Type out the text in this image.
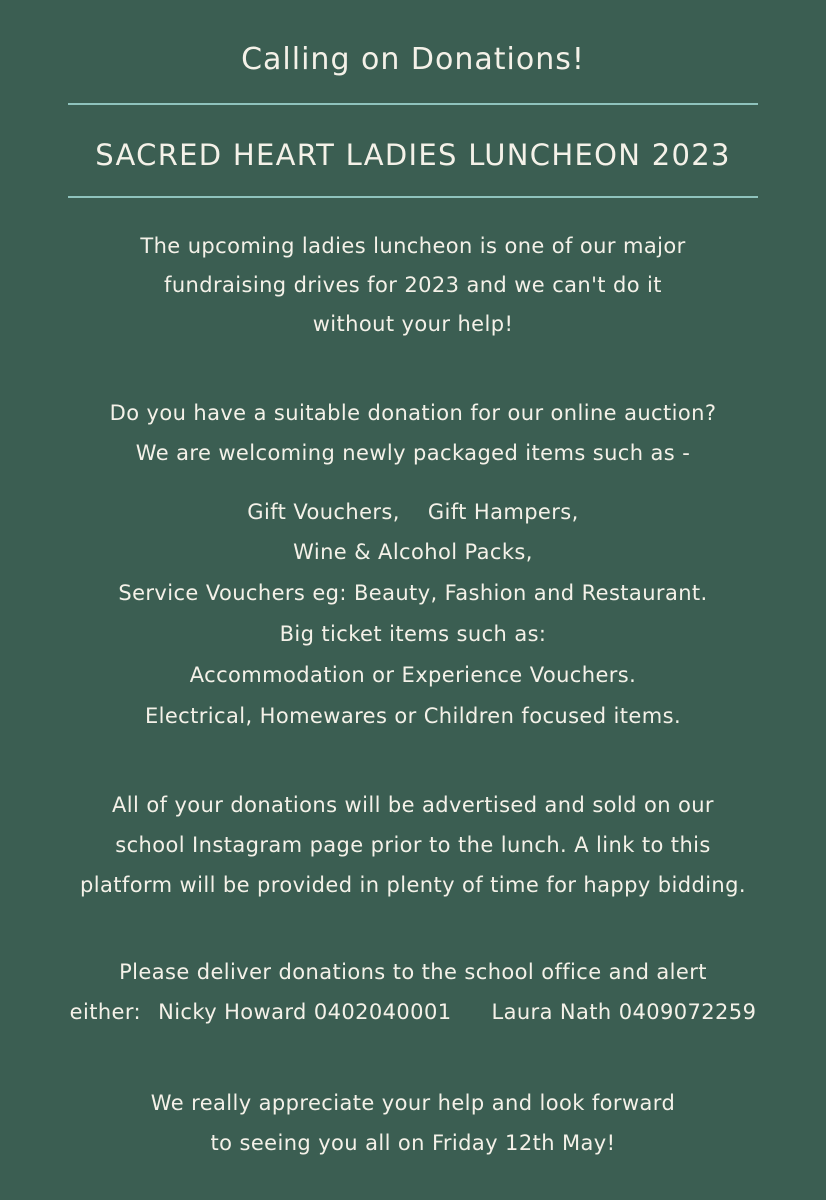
Calling on Donations!
SACRED HEART LADIES LUNCHEON 2023
The upcoming ladies luncheon is one of our major
fundraising drives for 2023 and we can't do it
without your help!
Do you have a suitable donation for our online auction?
We are welcoming newly packaged items such as -
Gift Vouchers, Gift Hampers,
Wine & Alcohol Packs,
Service Vouchers eg: Beauty, Fashion and Restaurant.
Big ticket items such as:
Accommodation or Experience Vouchers.
Electrical, Homewares or Children focused items.
All of your donations will be advertised and sold on our
school Instagram page prior to the lunch. A link to this
platform will be provided in plenty of time for happy bidding.
Please deliver donations to the school office and alert
either: Nicky Howard 0402040001 Laura Nath 0409072259
We really appreciate your help and look forward
to seeing you all on Friday 12th May!
